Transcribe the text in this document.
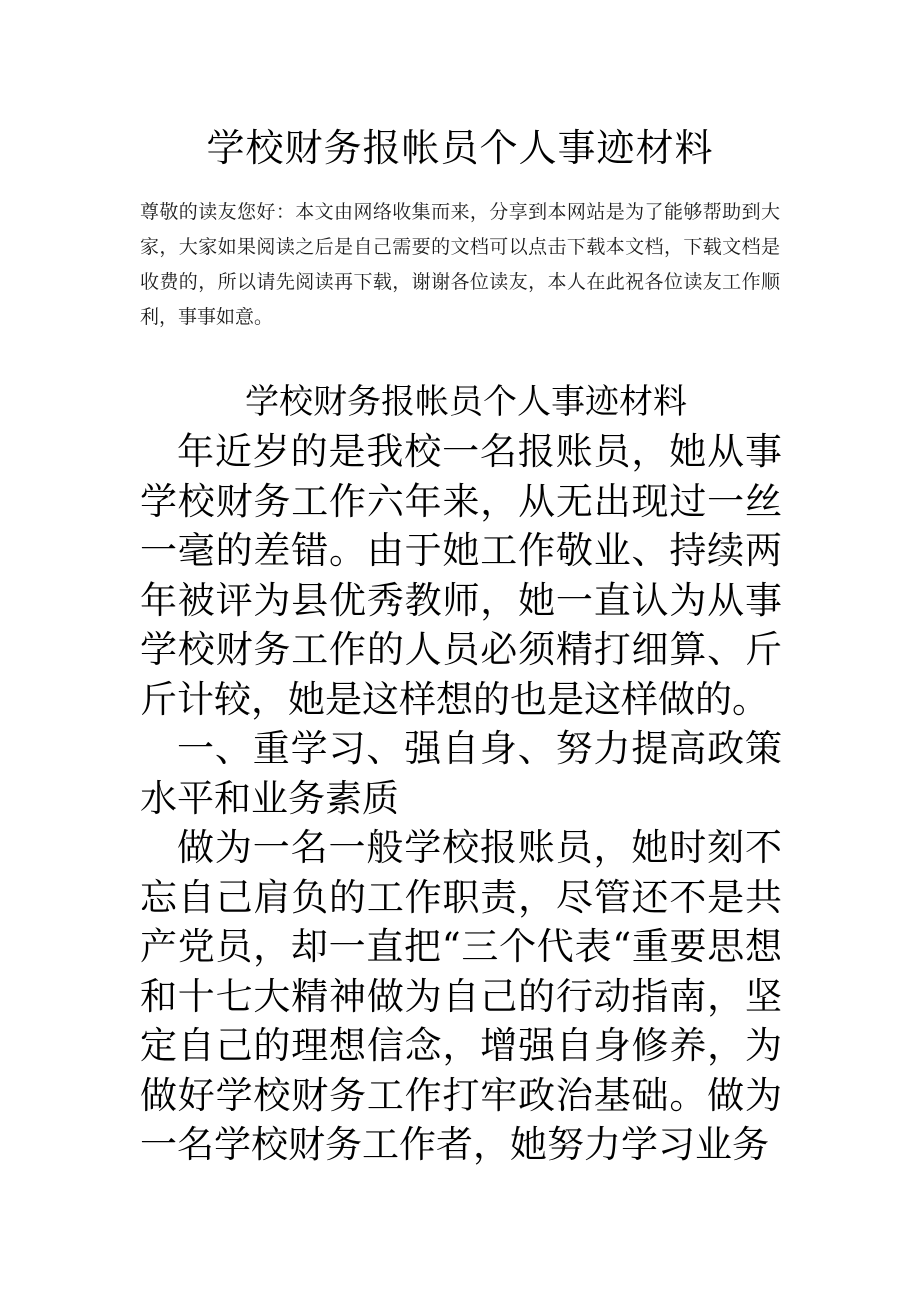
学校财务报帐员个人事迹材料

尊敬的读友您好：本文由网络收集而来，分享到本网站是为了能够帮助到大家，大家如果阅读之后是自己需要的文档可以点击下载本文档，下载文档是收费的，所以请先阅读再下载，谢谢各位读友，本人在此祝各位读友工作顺利，事事如意。

学校财务报帐员个人事迹材料

年近岁的是我校一名报账员，她从事学校财务工作六年来，从无出现过一丝一毫的差错。由于她工作敬业、持续两年被评为县优秀教师，她一直认为从事学校财务工作的人员必须精打细算、斤斤计较，她是这样想的也是这样做的。

一、重学习、强自身、努力提高政策水平和业务素质

做为一名一般学校报账员，她时刻不忘自己肩负的工作职责，尽管还不是共产党员，却一直把“三个代表“重要思想和十七大精神做为自己的行动指南，坚定自己的理想信念，增强自身修养，为做好学校财务工作打牢政治基础。做为一名学校财务工作者，她努力学习业务
